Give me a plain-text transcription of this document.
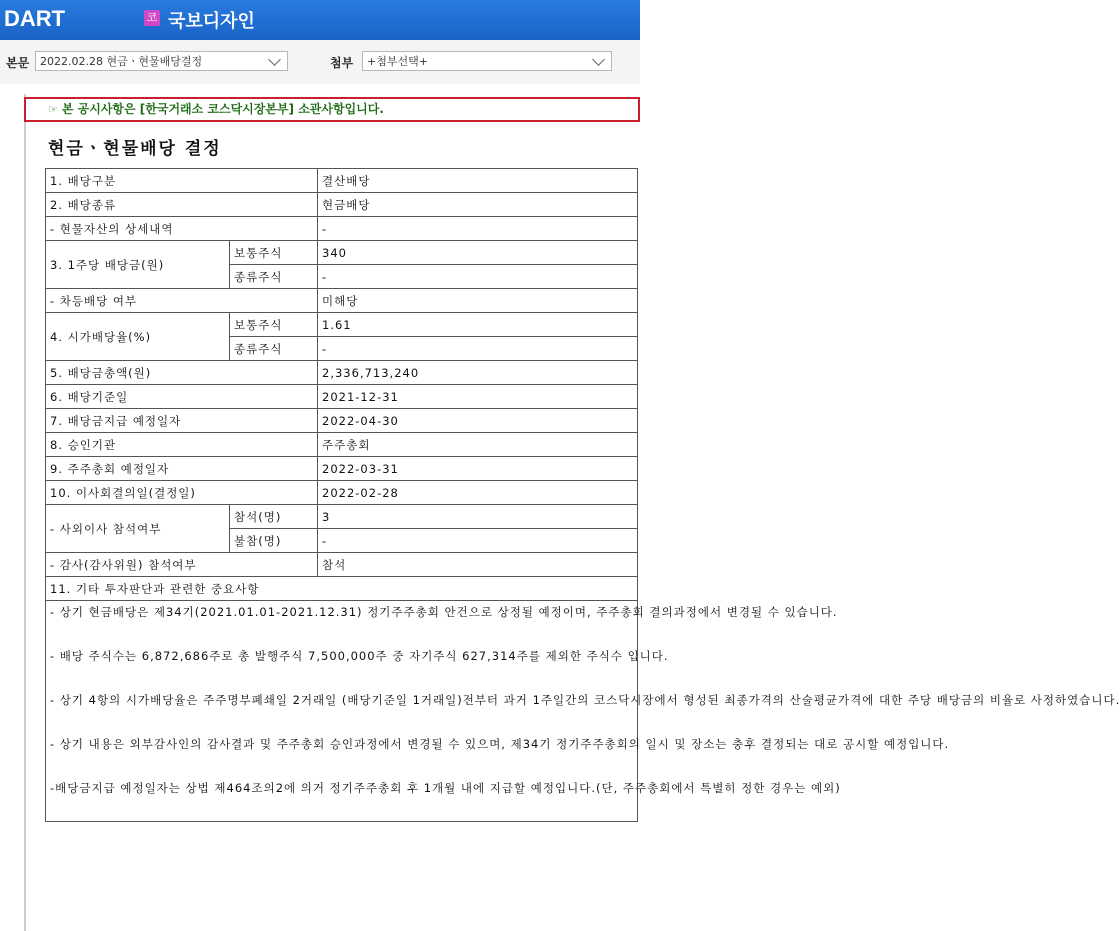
DART	코 국보디자인
본문 2022.02.28 현금ㆍ현물배당결정	첨부	+첨부선택+
☞ 본 공시사항은 [한국거래소 코스닥시장본부] 소관사항입니다.
현금ㆍ현물배당 결정
1. 배당구분		결산배당
2. 배당종류		현금배당
- 현물자산의 상세내역		-
3. 1주당 배당금(원)	보통주식	340
	종류주식	-
- 차등배당 여부		미해당
4. 시가배당율(%)	보통주식	1.61
	종류주식	-
5. 배당금총액(원)		2,336,713,240
6. 배당기준일		2021-12-31
7. 배당금지급 예정일자		2022-04-30
8. 승인기관		주주총회
9. 주주총회 예정일자		2022-03-31
10. 이사회결의일(결정일)		2022-02-28
- 사외이사 참석여부	참석(명)	3
	불참(명)	-
- 감사(감사위원) 참석여부		참석
11. 기타 투자판단과 관련한 중요사항		

- 상기 현금배당은 제34기(2021.01.01-2021.12.31) 정기주주총회 안건으로 상정될 예정이며, 주주총회 결의과정에서 변경될 수 있습니다.

- 배당 주식수는 6,872,686주로 총 발행주식 7,500,000주 중 자기주식 627,314주를 제외한 주식수 입니다.

- 상기 4항의 시가배당율은 주주명부폐쇄일 2거래일 (배당기준일 1거래일)전부터 과거 1주일간의 코스닥시장에서 형성된 최종가격의 산술평균가격에 대한 주당 배당금의 비율로 사정하였습니다.

- 상기 내용은 외부감사인의 감사결과 및 주주총회 승인과정에서 변경될 수 있으며, 제34기 정기주주총회의 일시 및 장소는 충후 결정되는 대로 공시할 예정입니다.

-배당금지급 예정일자는 상법 제464조의2에 의거 정기주주총회 후 1개월 내에 지급할 예정입니다.(단, 주주총회에서 특별히 정한 경우는 예외)		
